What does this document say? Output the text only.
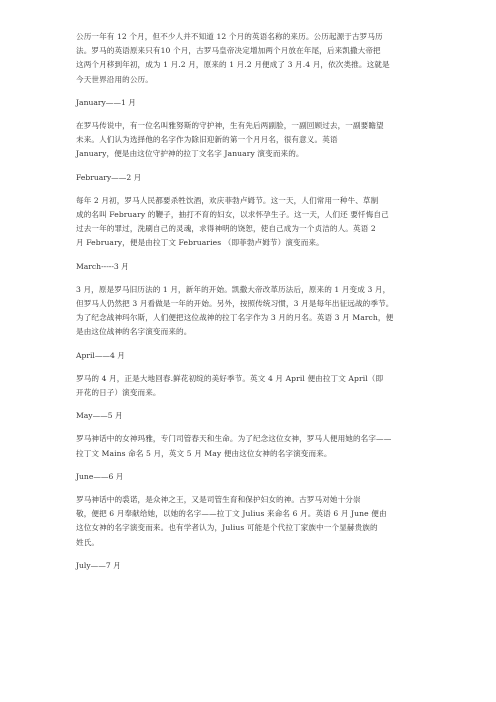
公历一年有 12 个月，但不少人并不知道 12 个月的英语名称的来历。公历起源于古罗马历

法。罗马的英语原来只有10 个月，古罗马皇帝决定增加两个月放在年尾，后来凯撒大帝把

这两个月移到年初，成为 1 月.2 月，原来的 1 月.2 月便成了 3 月.4 月，依次类推。这就是

今天世界沿用的公历。

January——1 月

在罗马传说中，有一位名叫雅努斯的守护神，生有先后两副脸，一副回顾过去，一副要瞻望

未来。人们认为选择他的名字作为除旧迎新的第一个月月名，很有意义。英语

January，便是由这位守护神的拉丁文名字 January 演变而来的。

February——2 月

每年 2 月初，罗马人民都要杀牲饮酒，欢庆菲勃卢姆节。这一天，人们常用一种牛、草制

成的名叫 February 的鞭子，抽打不育的妇女，以求怀孕生子。这一天，人们还 要忏悔自己

过去一年的罪过，洗刷自己的灵魂，求得神明的饶恕，使自己成为一个贞洁的人。英语 2

月 February，便是由拉丁文 Februaries （即菲勃卢姆节）演变而来。

March-----3 月

3 月，原是罗马旧历法的 1 月，新年的开始。凯撒大帝改革历法后，原来的 1 月变成 3 月，

但罗马人仍然把 3 月看做是一年的开始。另外，按照传统习惯，3 月是每年出征远战的季节。

为了纪念战神玛尔斯，人们便把这位战神的拉丁名字作为 3 月的月名。英语 3 月 March，便

是由这位战神的名字演变而来的。

April——4 月

罗马的 4 月，正是大地回春.鲜花初绽的美好季节。英文 4 月 April 便由拉丁文 April（即

开花的日子）演变而来。

May——5 月

罗马神话中的女神玛雅，专门司管春天和生命。为了纪念这位女神，罗马人便用她的名字——

拉丁文 Mains 命名 5 月，英文 5 月 May 便由这位女神的名字演变而来。

June——6 月

罗马神话中的裘诺，是众神之王，又是司管生育和保护妇女的神。古罗马对她十分崇

敬，便把 6 月奉献给她，以她的名字——拉丁文 Julius 来命名 6 月。英语 6 月 June 便由

这位女神的名字演变而来。也有学者认为，Julius 可能是个代拉丁家族中一个显赫贵族的

姓氏。

July——7 月
